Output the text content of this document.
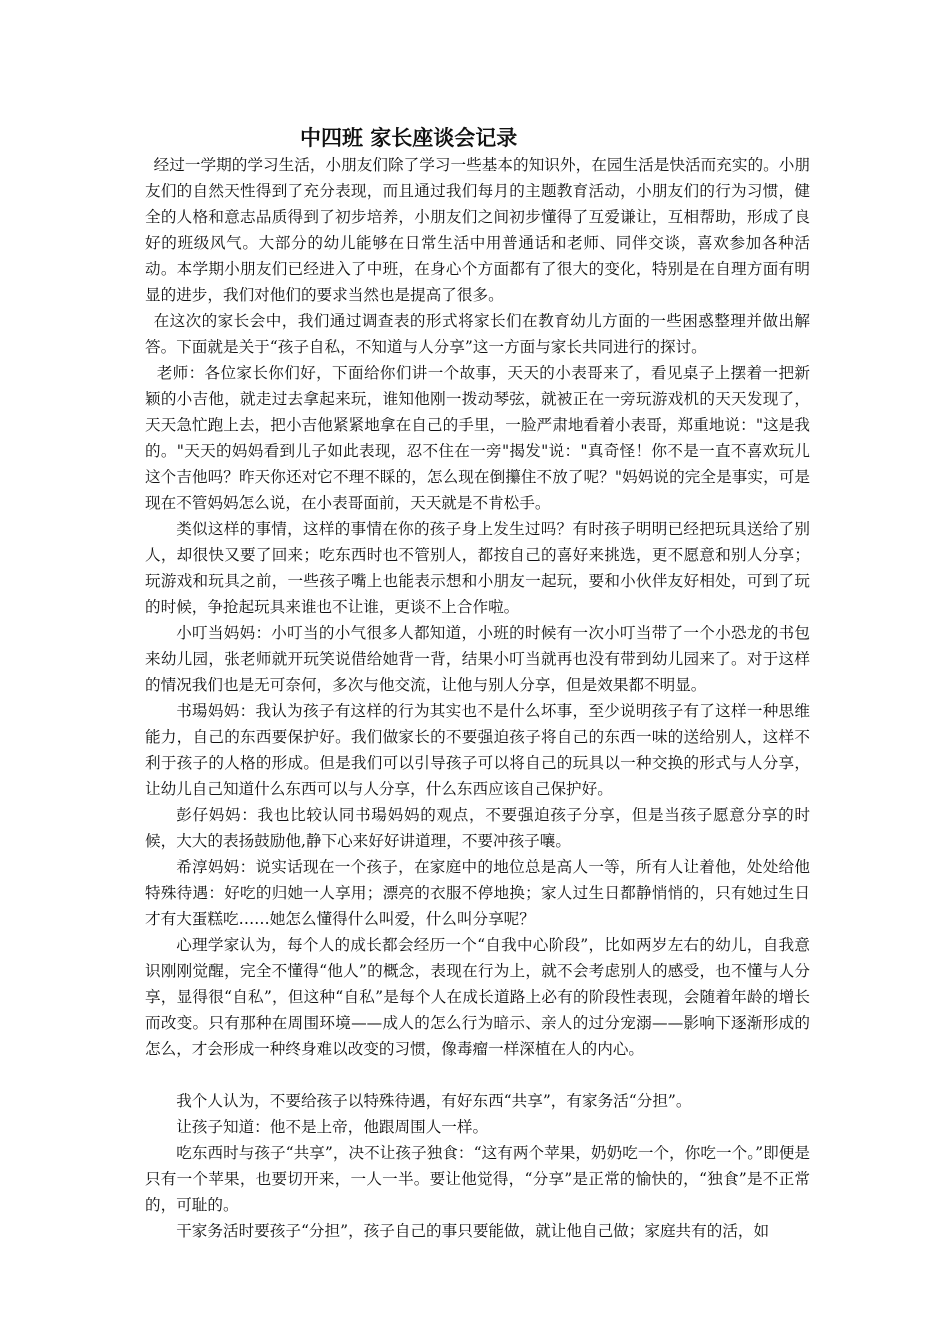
中四班 家长座谈会记录

经过一学期的学习生活，小朋友们除了学习一些基本的知识外，在园生活是快活而充实的。小朋友们的自然天性得到了充分表现，而且通过我们每月的主题教育活动，小朋友们的行为习惯，健全的人格和意志品质得到了初步培养，小朋友们之间初步懂得了互爱谦让，互相帮助，形成了良好的班级风气。大部分的幼儿能够在日常生活中用普通话和老师、同伴交谈，喜欢参加各种活动。本学期小朋友们已经进入了中班，在身心个方面都有了很大的变化，特别是在自理方面有明显的进步，我们对他们的要求当然也是提高了很多。

在这次的家长会中，我们通过调查表的形式将家长们在教育幼儿方面的一些困惑整理并做出解答。下面就是关于“孩子自私，不知道与人分享”这一方面与家长共同进行的探讨。

老师：各位家长你们好，下面给你们讲一个故事，天天的小表哥来了，看见桌子上摆着一把新颖的小吉他，就走过去拿起来玩，谁知他刚一拨动琴弦，就被正在一旁玩游戏机的天天发现了，天天急忙跑上去，把小吉他紧紧地拿在自己的手里，一脸严肃地看着小表哥，郑重地说："这是我的。"天天的妈妈看到儿子如此表现，忍不住在一旁"揭发"说："真奇怪！你不是一直不喜欢玩儿这个吉他吗？昨天你还对它不理不睬的，怎么现在倒攥住不放了呢？"妈妈说的完全是事实，可是现在不管妈妈怎么说，在小表哥面前，天天就是不肯松手。

类似这样的事情，这样的事情在你的孩子身上发生过吗？有时孩子明明已经把玩具送给了别人，却很快又要了回来；吃东西时也不管别人，都按自己的喜好来挑选，更不愿意和别人分享；玩游戏和玩具之前，一些孩子嘴上也能表示想和小朋友一起玩，要和小伙伴友好相处，可到了玩的时候，争抢起玩具来谁也不让谁，更谈不上合作啦。

小叮当妈妈：小叮当的小气很多人都知道，小班的时候有一次小叮当带了一个小恐龙的书包来幼儿园，张老师就开玩笑说借给她背一背，结果小叮当就再也没有带到幼儿园来了。对于这样的情况我们也是无可奈何，多次与他交流，让他与别人分享，但是效果都不明显。

书瑒妈妈：我认为孩子有这样的行为其实也不是什么坏事，至少说明孩子有了这样一种思维能力，自己的东西要保护好。我们做家长的不要强迫孩子将自己的东西一味的送给别人，这样不利于孩子的人格的形成。但是我们可以引导孩子可以将自己的玩具以一种交换的形式与人分享，让幼儿自己知道什么东西可以与人分享，什么东西应该自己保护好。

彭仔妈妈：我也比较认同书瑒妈妈的观点，不要强迫孩子分享，但是当孩子愿意分享的时候，大大的表扬鼓励他,静下心来好好讲道理，不要冲孩子嚷。

希淳妈妈：说实话现在一个孩子，在家庭中的地位总是高人一等，所有人让着他，处处给他特殊待遇：好吃的归她一人享用；漂亮的衣服不停地换；家人过生日都静悄悄的，只有她过生日才有大蛋糕吃……她怎么懂得什么叫爱，什么叫分享呢？

心理学家认为，每个人的成长都会经历一个“自我中心阶段”，比如两岁左右的幼儿，自我意识刚刚觉醒，完全不懂得“他人”的概念，表现在行为上，就不会考虑别人的感受，也不懂与人分享，显得很“自私”，但这种“自私”是每个人在成长道路上必有的阶段性表现，会随着年龄的增长而改变。只有那种在周围环境——成人的怎么行为暗示、亲人的过分宠溺——影响下逐渐形成的怎么，才会形成一种终身难以改变的习惯，像毒瘤一样深植在人的内心。

我个人认为，不要给孩子以特殊待遇，有好东西“共享”，有家务活“分担”。

让孩子知道：他不是上帝，他跟周围人一样。

吃东西时与孩子“共享”，决不让孩子独食：“这有两个苹果，奶奶吃一个，你吃一个。”即便是只有一个苹果，也要切开来，一人一半。要让他觉得，“分享”是正常的愉快的，“独食”是不正常的，可耻的。

干家务活时要孩子“分担”，孩子自己的事只要能做，就让他自己做；家庭共有的活，如
